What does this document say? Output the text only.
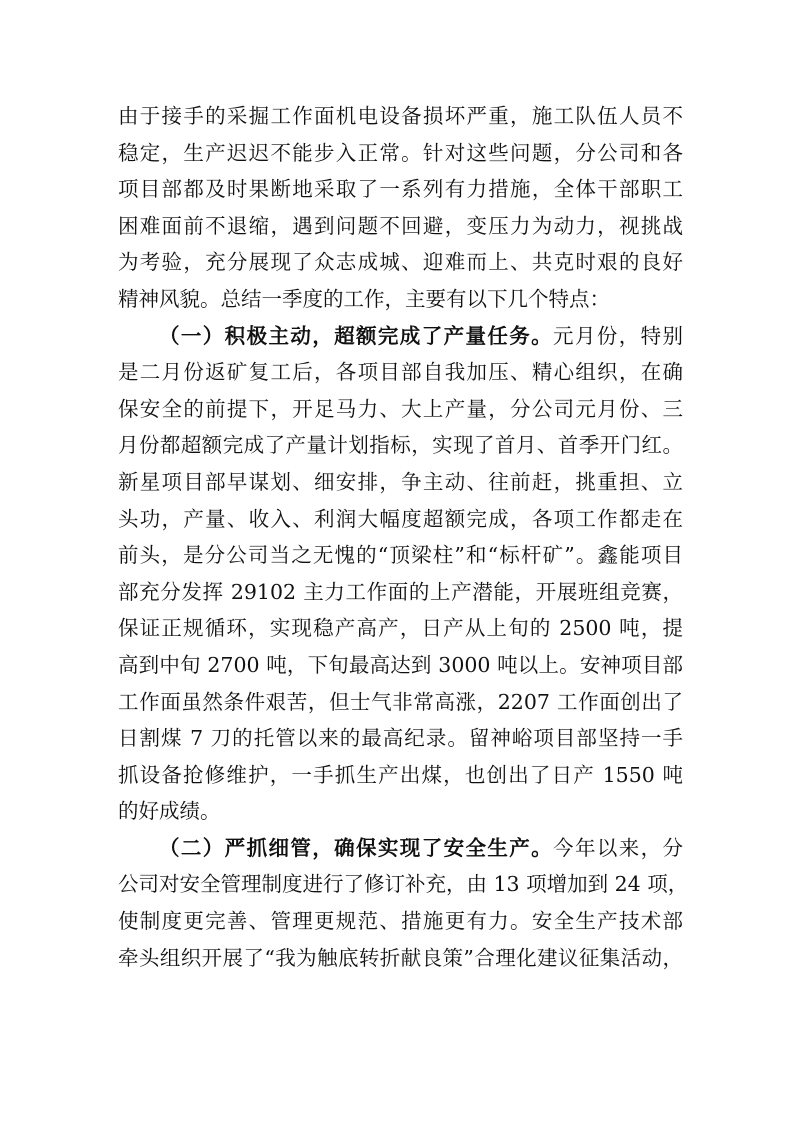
由于接手的采掘工作面机电设备损坏严重，施工队伍人员不
稳定，生产迟迟不能步入正常。针对这些问题，分公司和各
项目部都及时果断地采取了一系列有力措施，全体干部职工
困难面前不退缩，遇到问题不回避，变压力为动力，视挑战
为考验，充分展现了众志成城、迎难而上、共克时艰的良好
精神风貌。总结一季度的工作，主要有以下几个特点：
（一）积极主动，超额完成了产量任务。元月份，特别
是二月份返矿复工后，各项目部自我加压、精心组织，在确
保安全的前提下，开足马力、大上产量，分公司元月份、三
月份都超额完成了产量计划指标，实现了首月、首季开门红。
新星项目部早谋划、细安排，争主动、往前赶，挑重担、立
头功，产量、收入、利润大幅度超额完成，各项工作都走在
前头，是分公司当之无愧的“顶梁柱”和“标杆矿”。鑫能项目
部充分发挥 29102 主力工作面的上产潜能，开展班组竞赛，
保证正规循环，实现稳产高产，日产从上旬的 2500 吨，提
高到中旬 2700 吨，下旬最高达到 3000 吨以上。安神项目部
工作面虽然条件艰苦，但士气非常高涨，2207 工作面创出了
日割煤 7 刀的托管以来的最高纪录。留神峪项目部坚持一手
抓设备抢修维护，一手抓生产出煤，也创出了日产 1550 吨
的好成绩。
（二）严抓细管，确保实现了安全生产。今年以来，分
公司对安全管理制度进行了修订补充，由 13 项增加到 24 项，
使制度更完善、管理更规范、措施更有力。安全生产技术部
牵头组织开展了“我为触底转折献良策”合理化建议征集活动，
